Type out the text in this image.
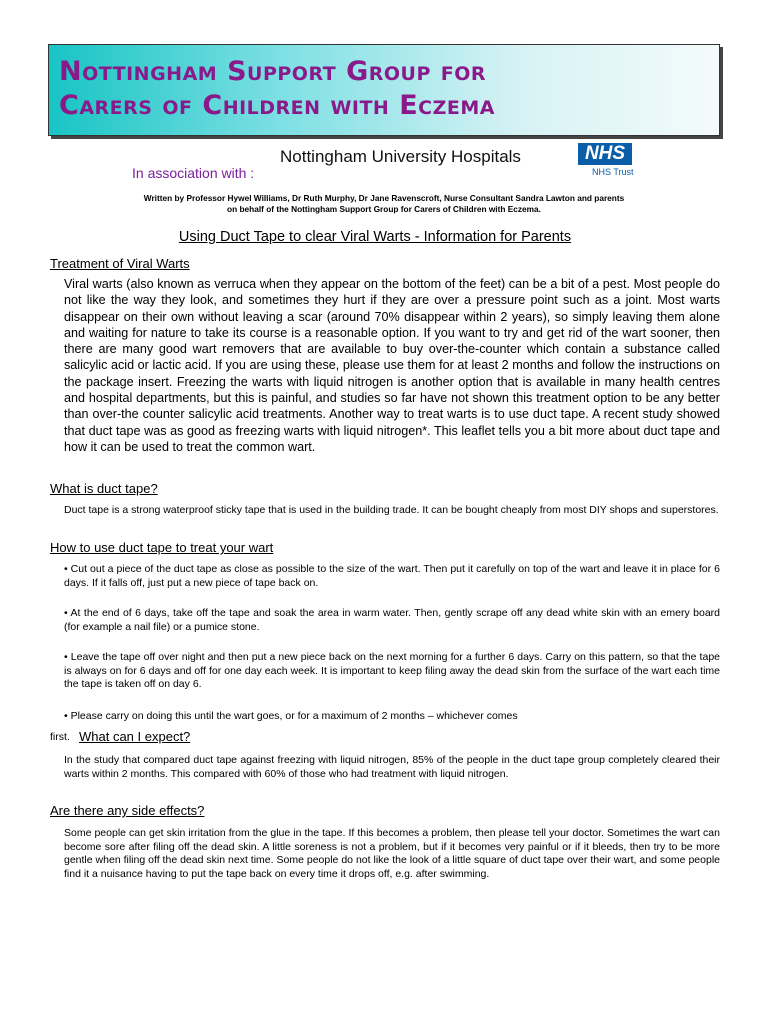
Nottingham Support Group for
Carers of Children with Eczema
In association with :
Nottingham University Hospitals	NHS
NHS Trust
Written by Professor Hywel Williams, Dr Ruth Murphy, Dr Jane Ravenscroft, Nurse Consultant Sandra Lawton and parents
on behalf of the Nottingham Support Group for Carers of Children with Eczema.
Using Duct Tape to clear Viral Warts - Information for Parents
Treatment of Viral Warts
Viral warts (also known as verruca when they appear on the bottom of the feet) can be a bit of a pest. Most people do not like the way they look, and sometimes they hurt if they are over a pressure point such as a joint. Most warts disappear on their own without leaving a scar (around 70% disappear within 2 years), so simply leaving them alone and waiting for nature to take its course is a reasonable option. If you want to try and get rid of the wart sooner, then there are many good wart removers that are available to buy over-the-counter which contain a substance called salicylic acid or lactic acid. If you are using these, please use them for at least 2 months and follow the instructions on the package insert. Freezing the warts with liquid nitrogen is another option that is available in many health centres and hospital departments, but this is painful, and studies so far have not shown this treatment option to be any better than over-the counter salicylic acid treatments. Another way to treat warts is to use duct tape. A recent study showed that duct tape was as good as freezing warts with liquid nitrogen*. This leaflet tells you a bit more about duct tape and how it can be used to treat the common wart.
What is duct tape?
Duct tape is a strong waterproof sticky tape that is used in the building trade. It can be bought cheaply from most DIY shops and superstores.
How to use duct tape to treat your wart
• Cut out a piece of the duct tape as close as possible to the size of the wart. Then put it carefully on top of the wart and leave it in place for 6 days. If it falls off, just put a new piece of tape back on.
• At the end of 6 days, take off the tape and soak the area in warm water. Then, gently scrape off any dead white skin with an emery board (for example a nail file) or a pumice stone.
• Leave the tape off over night and then put a new piece back on the next morning for a further 6 days. Carry on this pattern, so that the tape is always on for 6 days and off for one day each week. It is important to keep filing away the dead skin from the surface of the wart each time the tape is taken off on day 6.
• Please carry on doing this until the wart goes, or for a maximum of 2 months – whichever comes
first. What can I expect?
In the study that compared duct tape against freezing with liquid nitrogen, 85% of the people in the duct tape group completely cleared their warts within 2 months. This compared with 60% of those who had treatment with liquid nitrogen.
Are there any side effects?
Some people can get skin irritation from the glue in the tape. If this becomes a problem, then please tell your doctor. Sometimes the wart can become sore after filing off the dead skin. A little soreness is not a problem, but if it becomes very painful or if it bleeds, then try to be more gentle when filing off the dead skin next time. Some people do not like the look of a little square of duct tape over their wart, and some people find it a nuisance having to put the tape back on every time it drops off, e.g. after swimming.
